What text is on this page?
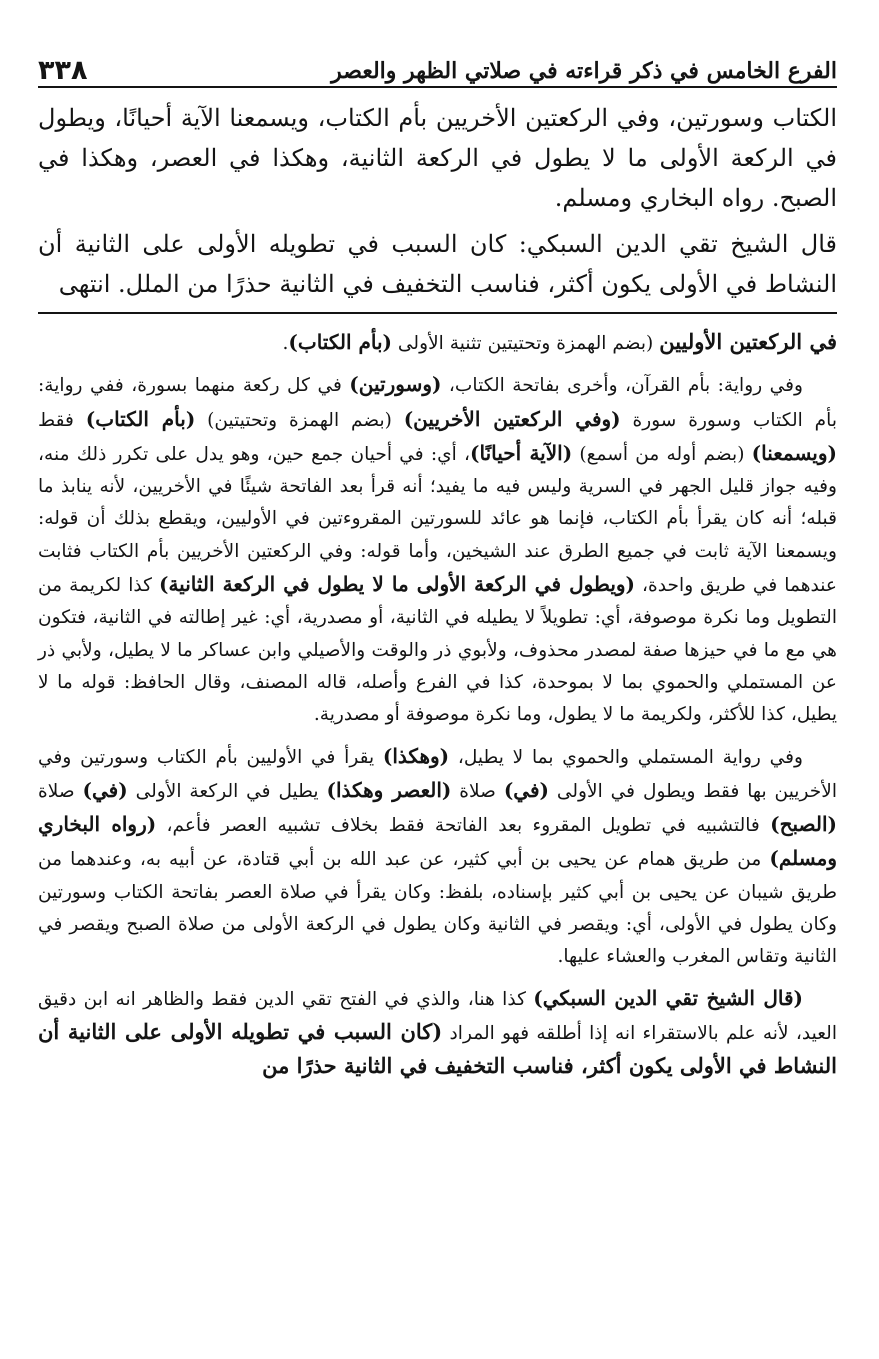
الفرع الخامس في ذكر قراءته في صلاتي الظهر والعصر
٣٣٨

الكتاب وسورتين، وفي الركعتين الأخريين بأم الكتاب، ويسمعنا الآية أحيانًا، ويطول في الركعة الأولى ما لا يطول في الركعة الثانية، وهكذا في العصر، وهكذا في الصبح. رواه البخاري ومسلم.

قال الشيخ تقي الدين السبكي: كان السبب في تطويله الأولى على الثانية أن النشاط في الأولى يكون أكثر، فناسب التخفيف في الثانية حذرًا من الملل. انتهى

في الركعتين الأوليين (بضم الهمزة وتحتيتين تثنية الأولى (بأم الكتاب).

وفي رواية: بأم القرآن، وأخرى بفاتحة الكتاب، (وسورتين) في كل ركعة منهما بسورة، ففي رواية: بأم الكتاب وسورة سورة (وفي الركعتين الأخريين) (بضم الهمزة وتحتيتين) (بأم الكتاب) فقط (ويسمعنا) (بضم أوله من أسمع) (الآية أحيانًا)، أي: في أحيان جمع حين، وهو يدل على تكرر ذلك منه، وفيه جواز قليل الجهر في السرية وليس فيه ما يفيد؛ أنه قرأ بعد الفاتحة شيئًا في الأخريين، لأنه ينابذ ما قبله؛ أنه كان يقرأ بأم الكتاب، فإنما هو عائد للسورتين المقروءتين في الأوليين، ويقطع بذلك أن قوله: ويسمعنا الآية ثابت في جميع الطرق عند الشيخين، وأما قوله: وفي الركعتين الأخريين بأم الكتاب فثابت عندهما في طريق واحدة، (ويطول في الركعة الأولى ما لا يطول في الركعة الثانية) كذا لكريمة من التطويل وما نكرة موصوفة، أي: تطويلاً لا يطيله في الثانية، أو مصدرية، أي: غير إطالته في الثانية، فتكون هي مع ما في حيزها صفة لمصدر محذوف، ولأبوي ذر والوقت والأصيلي وابن عساكر ما لا يطيل، ولأبي ذر عن المستملي والحموي بما لا بموحدة، كذا في الفرع وأصله، قاله المصنف، وقال الحافظ: قوله ما لا يطيل، كذا للأكثر، ولكريمة ما لا يطول، وما نكرة موصوفة أو مصدرية.

وفي رواية المستملي والحموي بما لا يطيل، (وهكذا) يقرأ في الأوليين بأم الكتاب وسورتين وفي الأخريين بها فقط ويطول في الأولى (في) صلاة (العصر وهكذا) يطيل في الركعة الأولى (في) صلاة (الصبح) فالتشبيه في تطويل المقروء بعد الفاتحة فقط بخلاف تشبيه العصر فأعم، (رواه البخاري ومسلم) من طريق همام عن يحيى بن أبي كثير، عن عبد الله بن أبي قتادة، عن أبيه به، وعندهما من طريق شيبان عن يحيى بن أبي كثير بإسناده، بلفظ: وكان يقرأ في صلاة العصر بفاتحة الكتاب وسورتين وكان يطول في الأولى، أي: ويقصر في الثانية وكان يطول في الركعة الأولى من صلاة الصبح ويقصر في الثانية وتقاس المغرب والعشاء عليها.

(قال الشيخ تقي الدين السبكي) كذا هنا، والذي في الفتح تقي الدين فقط والظاهر انه ابن دقيق العيد، لأنه علم بالاستقراء انه إذا أطلقه فهو المراد (كان السبب في تطويله الأولى على الثانية أن النشاط في الأولى يكون أكثر، فناسب التخفيف في الثانية حذرًا من
